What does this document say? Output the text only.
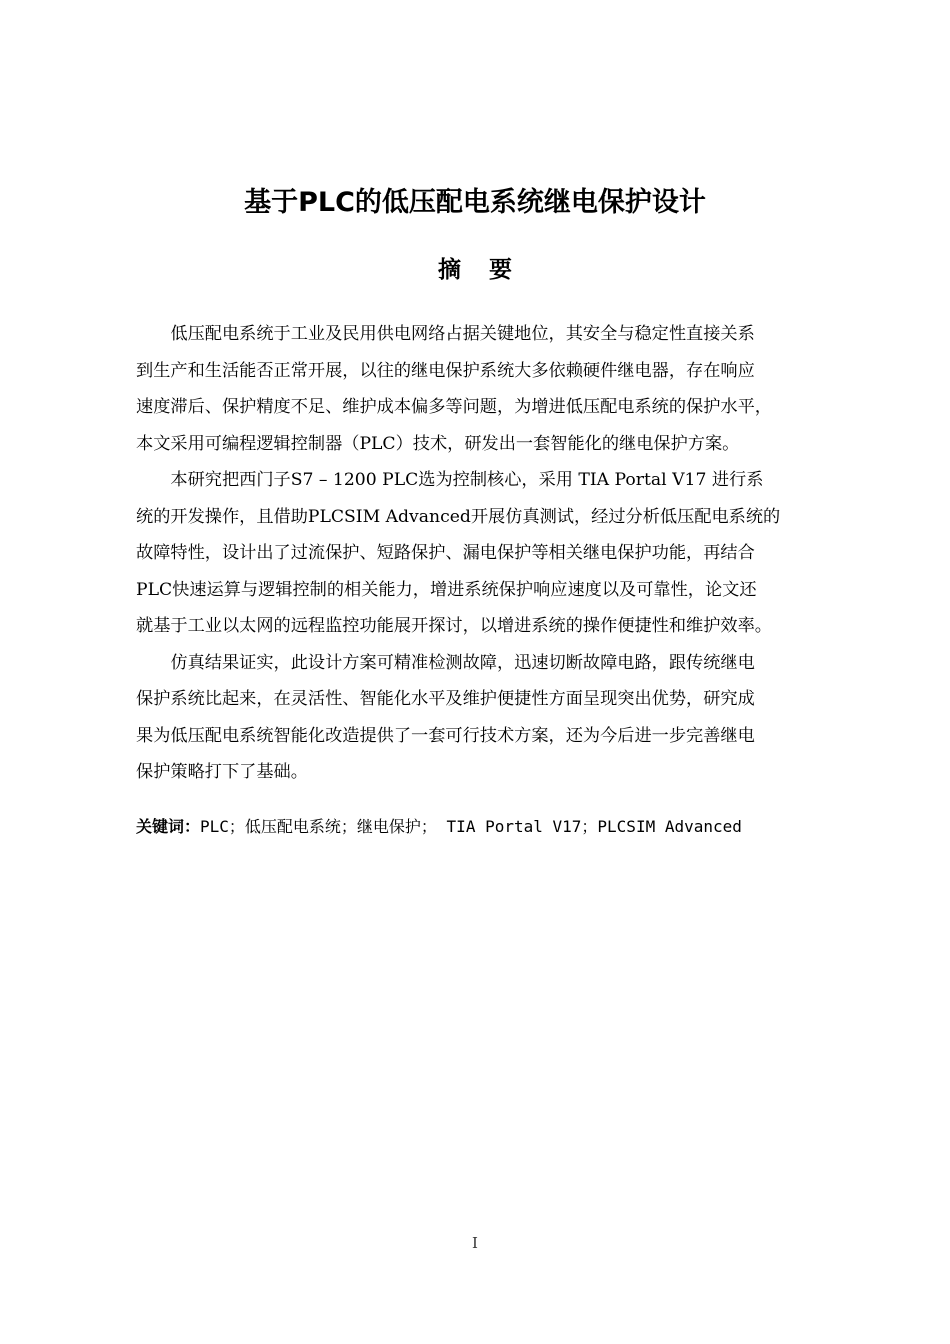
基于PLC的低压配电系统继电保护设计
摘要

低压配电系统于工业及民用供电网络占据关键地位，其安全与稳定性直接关系
到生产和生活能否正常开展，以往的继电保护系统大多依赖硬件继电器，存在响应
速度滞后、保护精度不足、维护成本偏多等问题，为增进低压配电系统的保护水平，
本文采用可编程逻辑控制器（PLC）技术，研发出一套智能化的继电保护方案。

本研究把西门子S7 – 1200 PLC选为控制核心，采用 TIA Portal V17 进行系
统的开发操作，且借助PLCSIM Advanced开展仿真测试，经过分析低压配电系统的
故障特性，设计出了过流保护、短路保护、漏电保护等相关继电保护功能，再结合
PLC快速运算与逻辑控制的相关能力，增进系统保护响应速度以及可靠性，论文还
就基于工业以太网的远程监控功能展开探讨，以增进系统的操作便捷性和维护效率。

仿真结果证实，此设计方案可精准检测故障，迅速切断故障电路，跟传统继电
保护系统比起来，在灵活性、智能化水平及维护便捷性方面呈现突出优势，研究成
果为低压配电系统智能化改造提供了一套可行技术方案，还为今后进一步完善继电
保护策略打下了基础。

关键词：PLC；低压配电系统；继电保护； TIA Portal V17；PLCSIM Advanced
I
